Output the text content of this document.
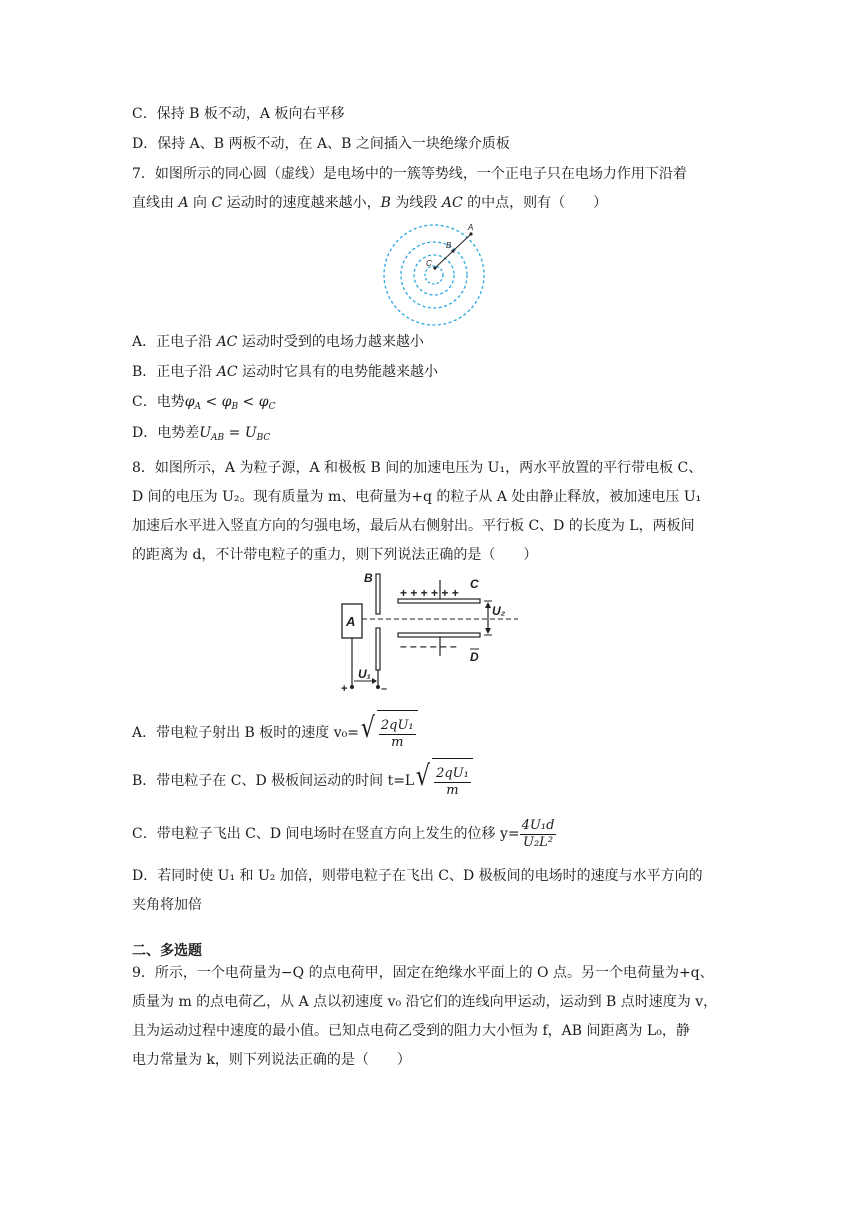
C．保持 B 板不动，A 板向右平移
D．保持 A、B 两板不动，在 A、B 之间插入一块绝缘介质板
7．如图所示的同心圆（虚线）是电场中的一簇等势线，一个正电子只在电场力作用下沿着
直线由 A 向 C 运动时的速度越来越小，B 为线段 AC 的中点，则有（　　）
A
B
C
A．正电子沿 AC 运动时受到的电场力越来越小
B．正电子沿 AC 运动时它具有的电势能越来越小
C．电势$\varphi_A < \varphi_B < \varphi_C$
D．电势差$U_{AB} = U_{BC}$
8．如图所示，A 为粒子源，A 和极板 B 间的加速电压为 U₁，两水平放置的平行带电板 C、
D 间的电压为 U₂。现有质量为 m、电荷量为+q 的粒子从 A 处由静止释放，被加速电压 U₁
加速后水平进入竖直方向的匀强电场，最后从右侧射出。平行板 C、D 的长度为 L，两板间
的距离为 d，不计带电粒子的重力，则下列说法正确的是（　　）
A
B
+ + + + + +
C
– – – – – –
D
U₂
+	–
U₁
A．带电粒子射出 B 板时的速度 v₀= √ $\frac{\text{2qU₁}}{m}$
B．带电粒子在 C、D 极板间运动的时间 t=L √ $\frac{\text{2qU₁}}{m}$
C．带电粒子飞出 C、D 间电场时在竖直方向上发生的位移 $y= \frac{\text{4U₁d}}{\text{U₂L²}}$
D．若同时使 U₁ 和 U₂ 加倍，则带电粒子在飞出 C、D 极板间的电场时的速度与水平方向的
夹角将加倍
二、多选题
9．所示，一个电荷量为−Q 的点电荷甲，固定在绝缘水平面上的 O 点。另一个电荷量为+q、
质量为 m 的点电荷乙，从 A 点以初速度 v₀ 沿它们的连线向甲运动，运动到 B 点时速度为 v，
且为运动过程中速度的最小值。已知点电荷乙受到的阻力大小恒为 f，AB 间距离为 L₀，静
电力常量为 k，则下列说法正确的是（　　）
